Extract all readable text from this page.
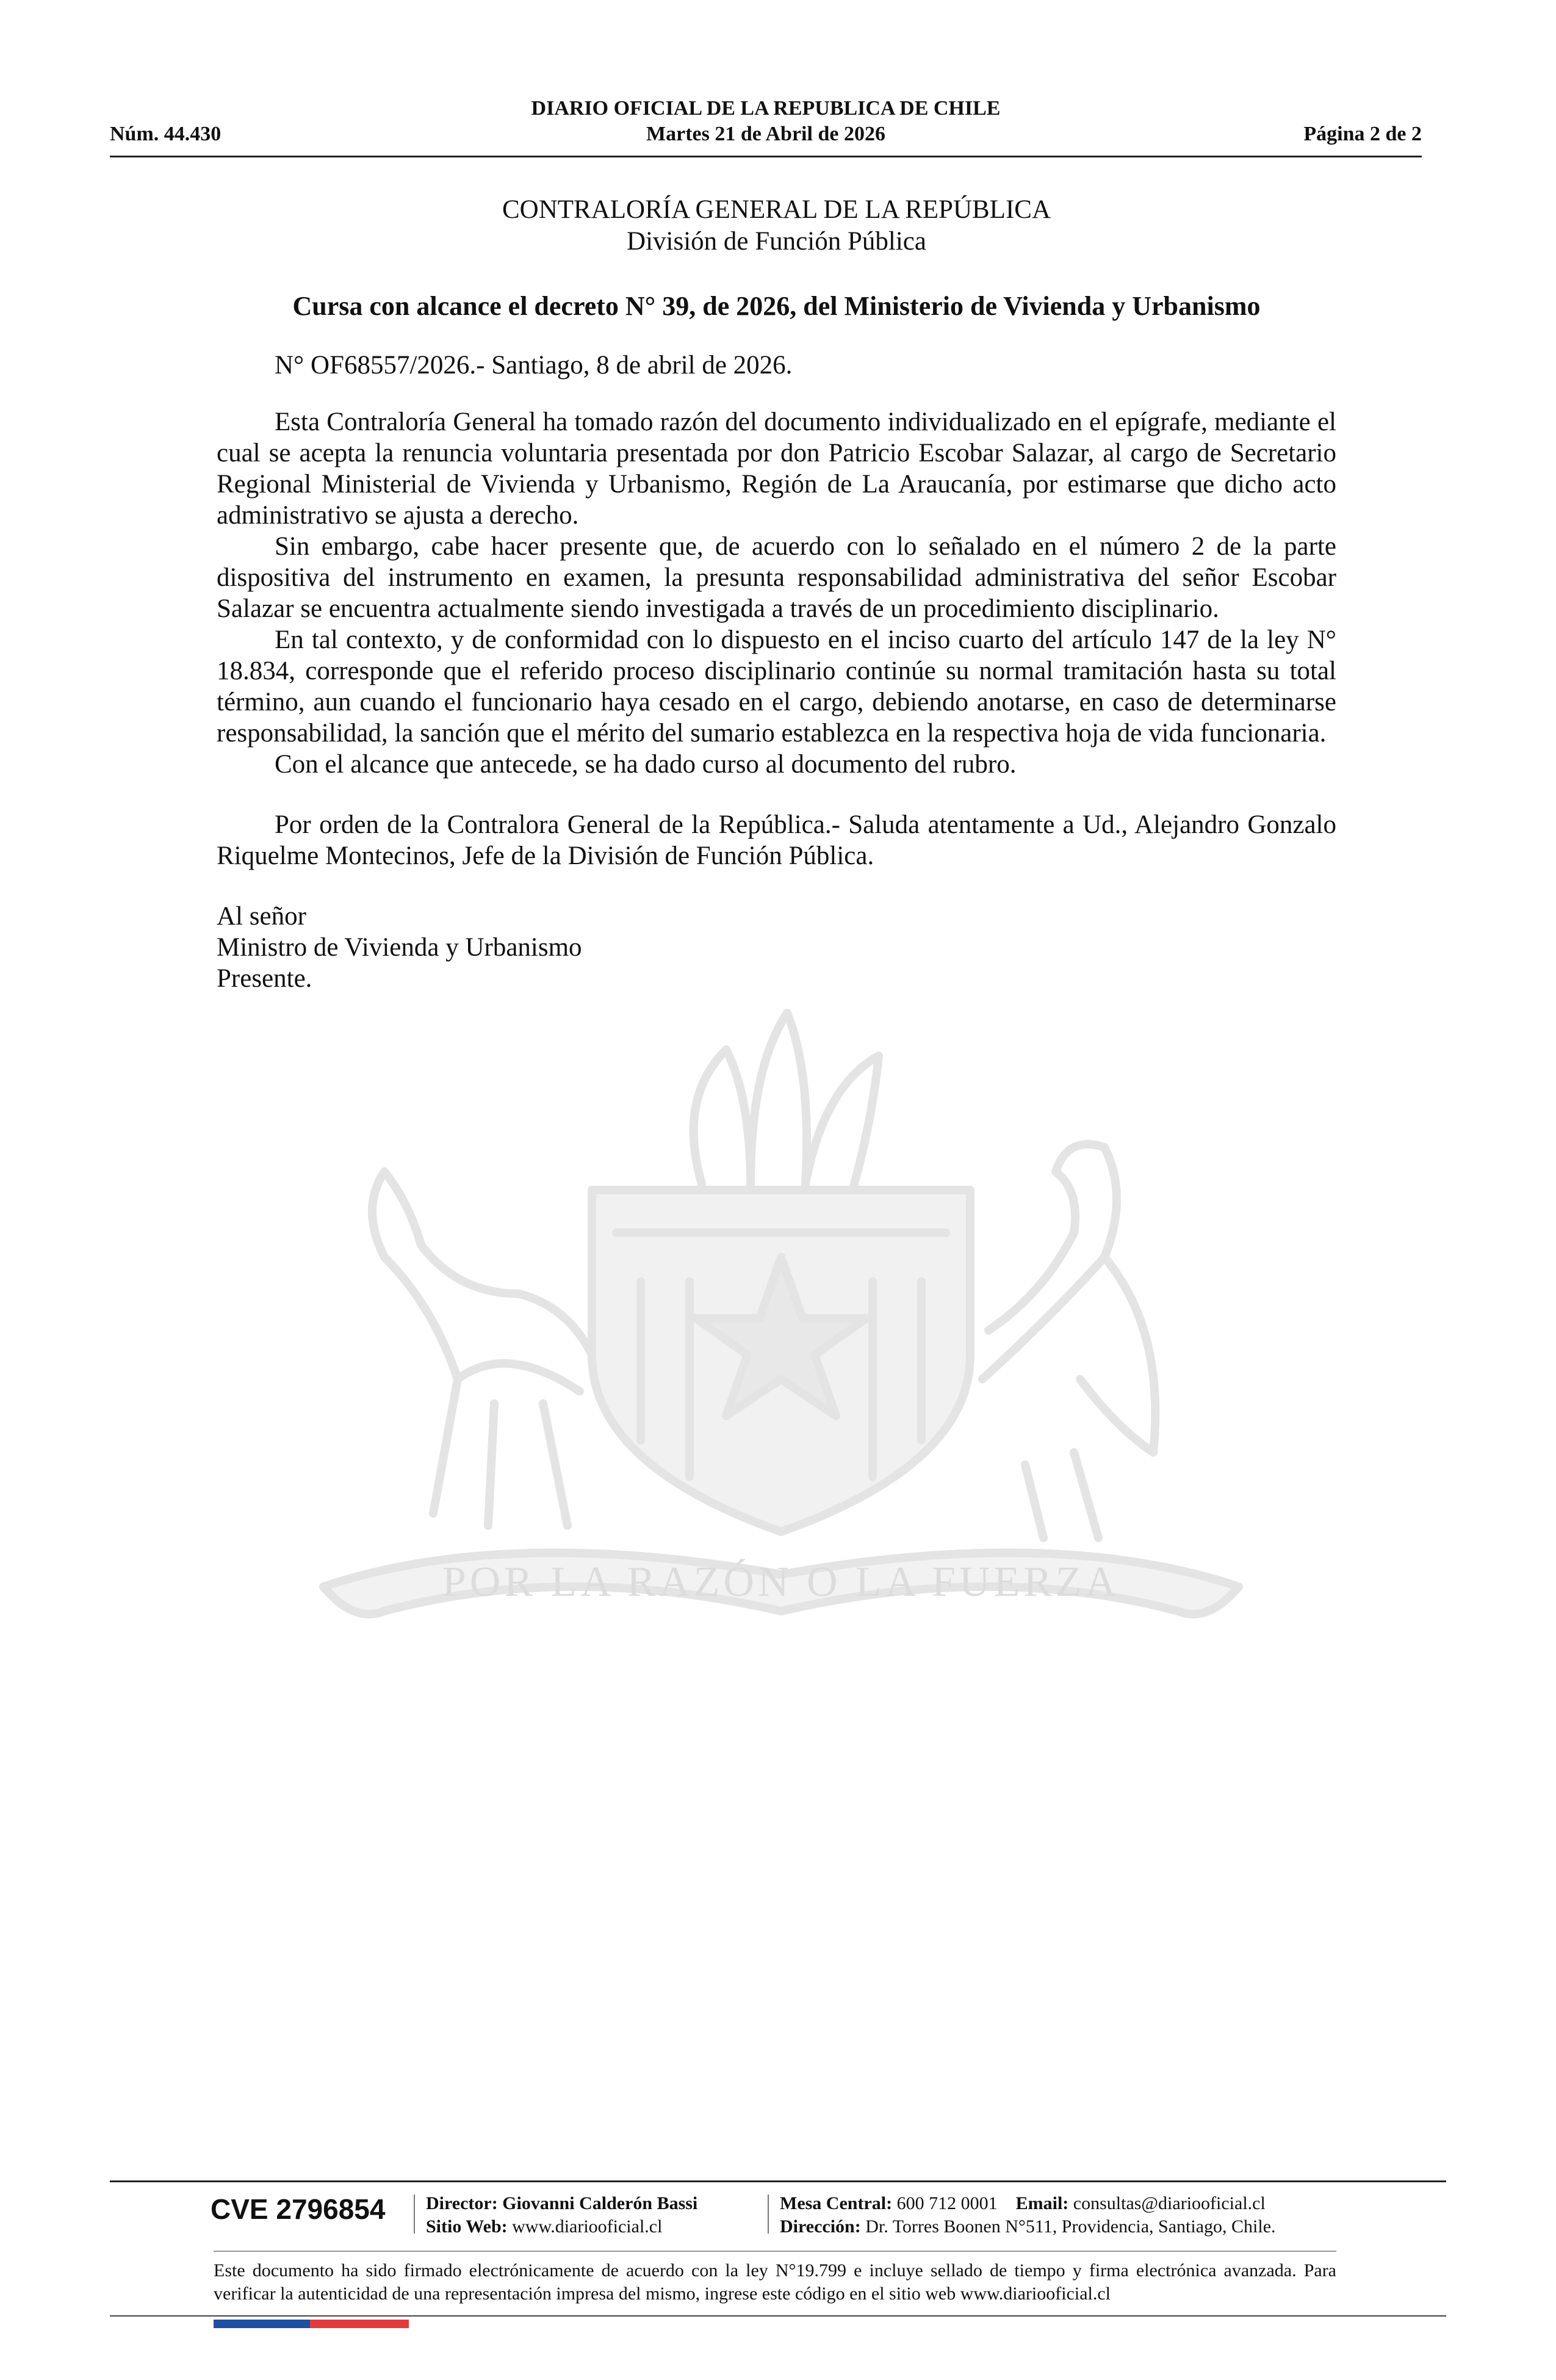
POR LA RAZÓN O LA FUERZA
DIARIO OFICIAL DE LA REPUBLICA DE CHILE
Núm. 44.430	Martes 21 de Abril de 2026	Página 2 de 2
CONTRALORÍA GENERAL DE LA REPÚBLICA
División de Función Pública
Cursa con alcance el decreto N° 39, de 2026, del Ministerio de Vivienda y Urbanismo
N° OF68557/2026.- Santiago, 8 de abril de 2026.

Esta Contraloría General ha tomado razón del documento individualizado en el epígrafe, mediante el cual se acepta la renuncia voluntaria presentada por don Patricio Escobar Salazar, al cargo de Secretario Regional Ministerial de Vivienda y Urbanismo, Región de La Araucanía, por estimarse que dicho acto administrativo se ajusta a derecho.

Sin embargo, cabe hacer presente que, de acuerdo con lo señalado en el número 2 de la parte dispositiva del instrumento en examen, la presunta responsabilidad administrativa del señor Escobar Salazar se encuentra actualmente siendo investigada a través de un procedimiento disciplinario.

En tal contexto, y de conformidad con lo dispuesto en el inciso cuarto del artículo 147 de la ley N° 18.834, corresponde que el referido proceso disciplinario continúe su normal tramitación hasta su total término, aun cuando el funcionario haya cesado en el cargo, debiendo anotarse, en caso de determinarse responsabilidad, la sanción que el mérito del sumario establezca en la respectiva hoja de vida funcionaria.

Con el alcance que antecede, se ha dado curso al documento del rubro.

Por orden de la Contralora General de la República.- Saluda atentamente a Ud., Alejandro Gonzalo Riquelme Montecinos, Jefe de la División de Función Pública.

Al señor
Ministro de Vivienda y Urbanismo
Presente.
CVE 2796854 Director: Giovanni Calderón Bassi
Sitio Web: www.diariooficial.cl
Mesa Central: 600 712 0001 Email: consultas@diariooficial.cl
Dirección: Dr. Torres Boonen N°511, Providencia, Santiago, Chile.
Este documento ha sido firmado electrónicamente de acuerdo con la ley N°19.799 e incluye sellado de tiempo y firma electrónica avanzada. Para verificar la autenticidad de una representación impresa del mismo, ingrese este código en el sitio web www.diariooficial.cl
